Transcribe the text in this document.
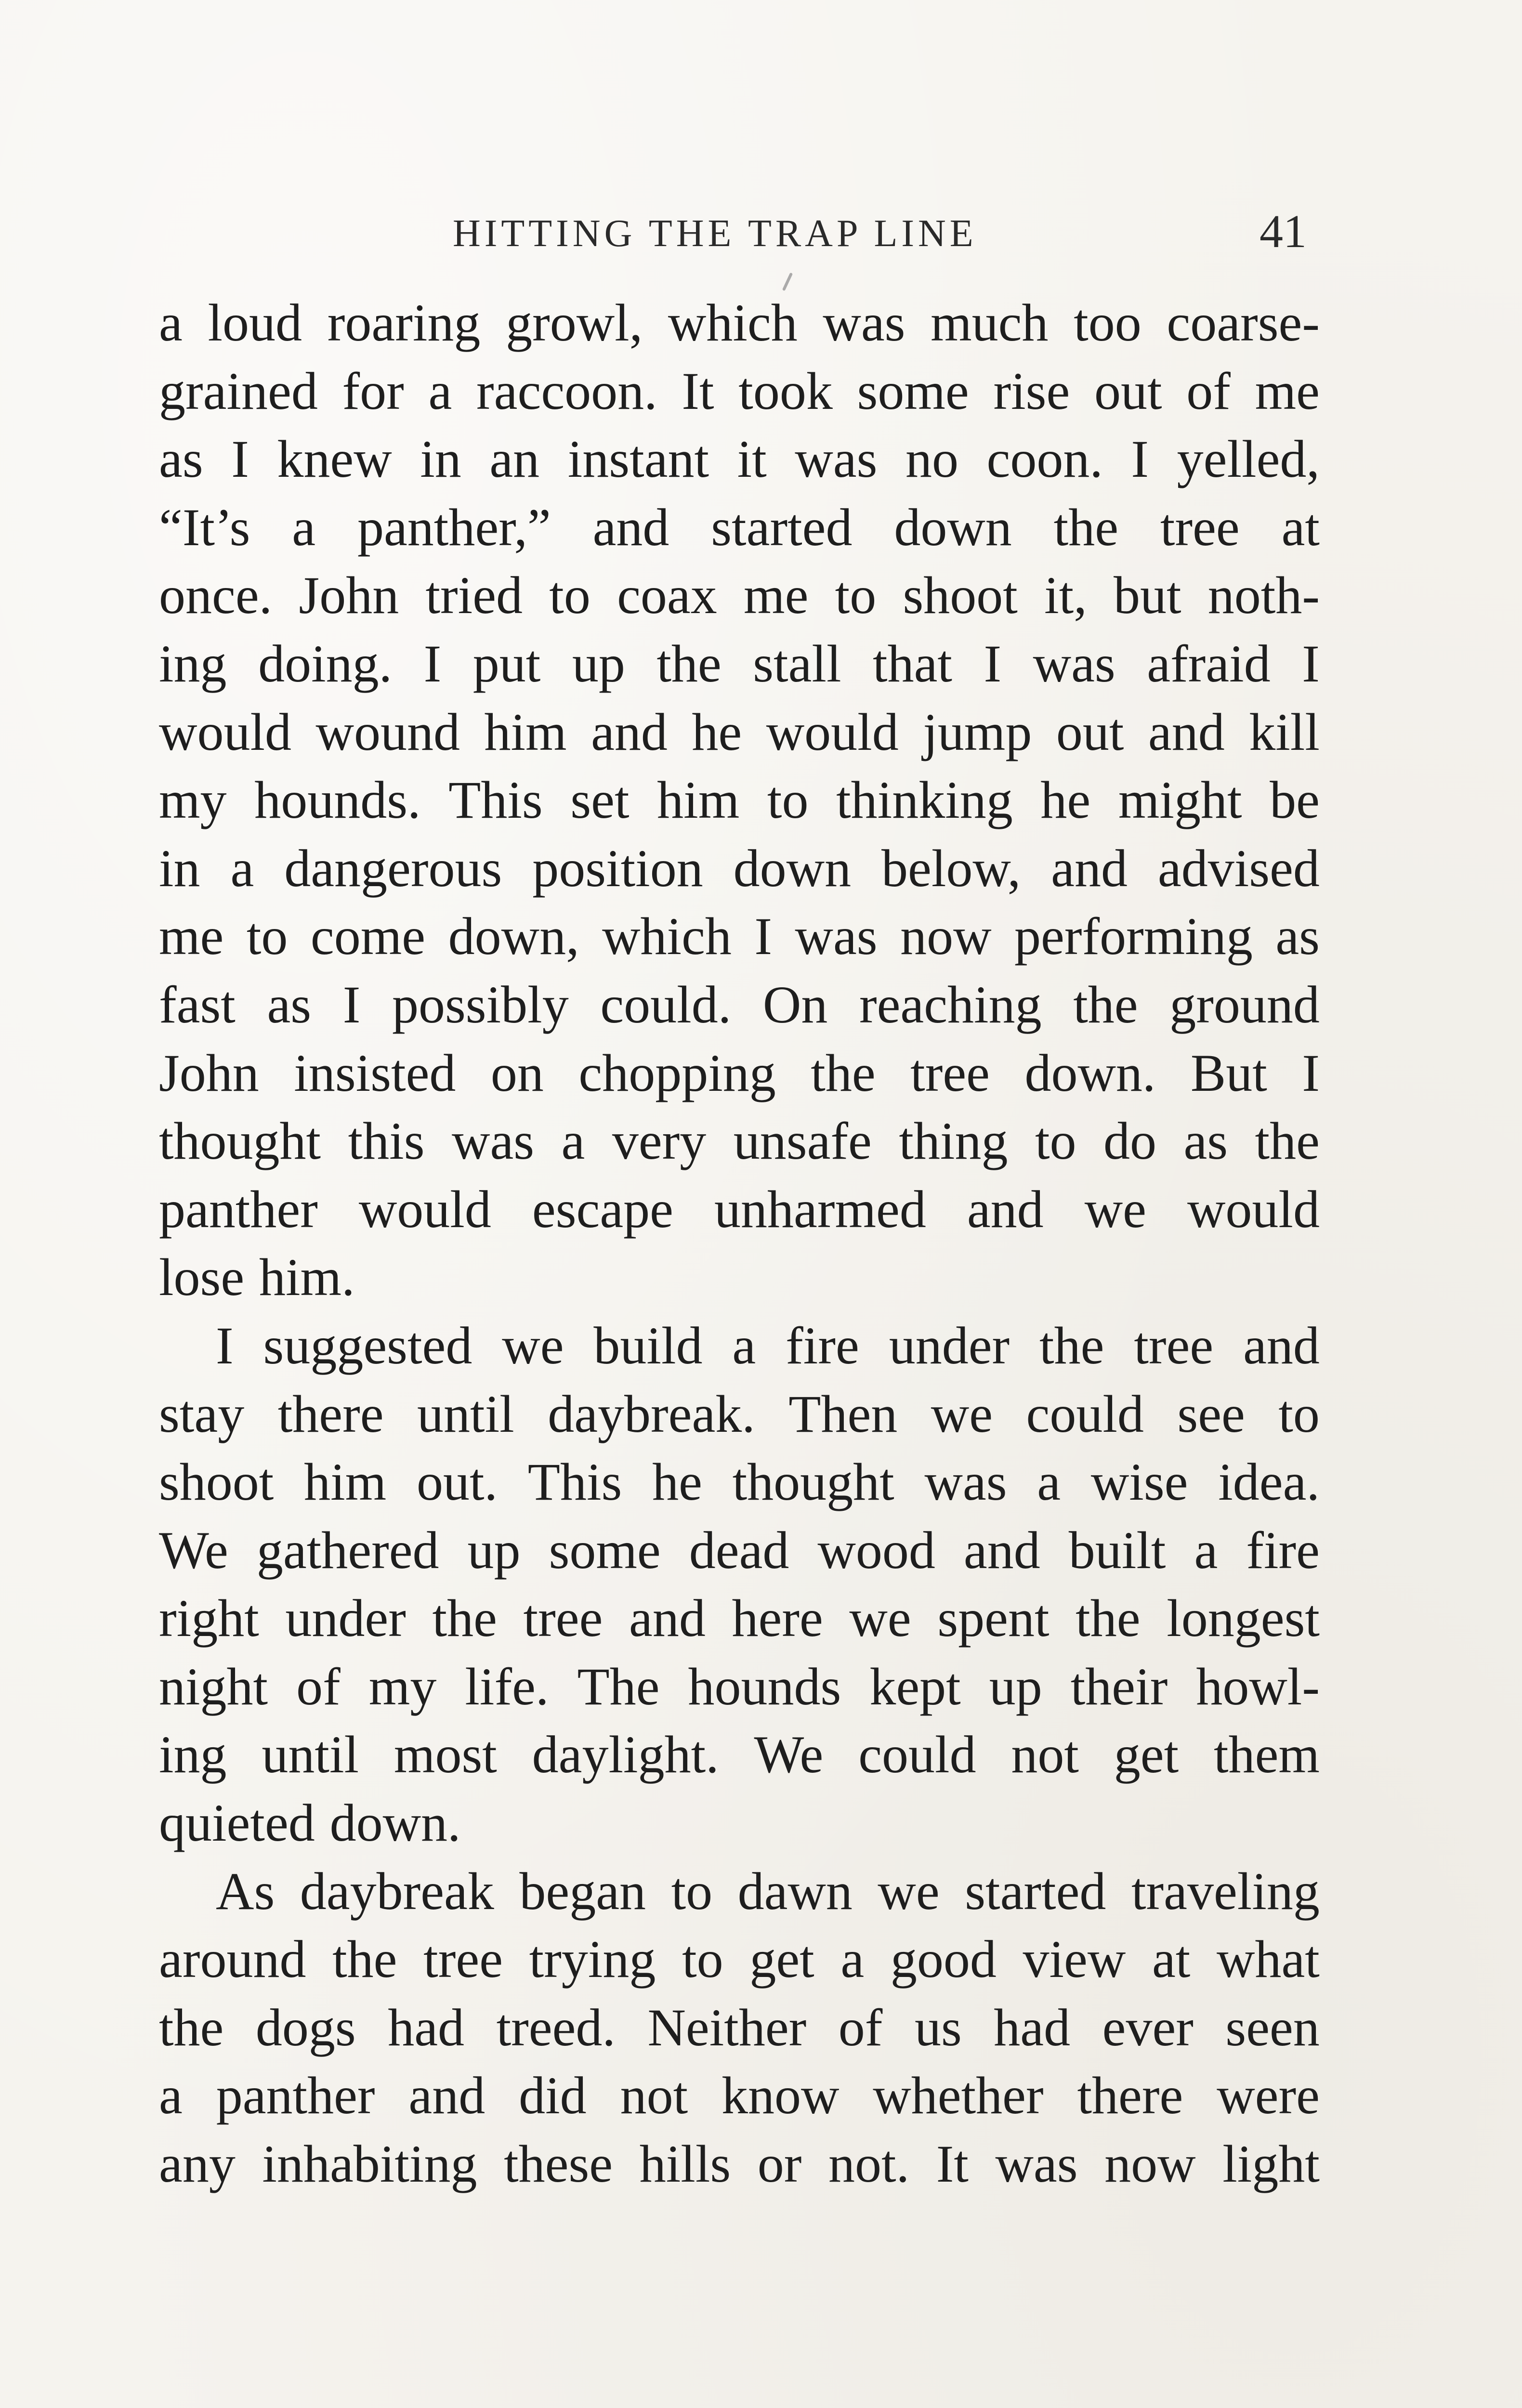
HITTING THE TRAP LINE	41
a loud roaring growl, which was much too coarse-
grained for a raccoon. It took some rise out of me
as I knew in an instant it was no coon. I yelled,
“It’s a panther,” and started down the tree at
once. John tried to coax me to shoot it, but noth-
ing doing. I put up the stall that I was afraid I
would wound him and he would jump out and kill
my hounds. This set him to thinking he might be
in a dangerous position down below, and advised
me to come down, which I was now performing as
fast as I possibly could. On reaching the ground
John insisted on chopping the tree down. But I
thought this was a very unsafe thing to do as the
panther would escape unharmed and we would
lose him.
I suggested we build a fire under the tree and
stay there until daybreak. Then we could see to
shoot him out. This he thought was a wise idea.
We gathered up some dead wood and built a fire
right under the tree and here we spent the longest
night of my life. The hounds kept up their howl-
ing until most daylight. We could not get them
quieted down.
As daybreak began to dawn we started traveling
around the tree trying to get a good view at what
the dogs had treed. Neither of us had ever seen
a panther and did not know whether there were
any inhabiting these hills or not. It was now light
